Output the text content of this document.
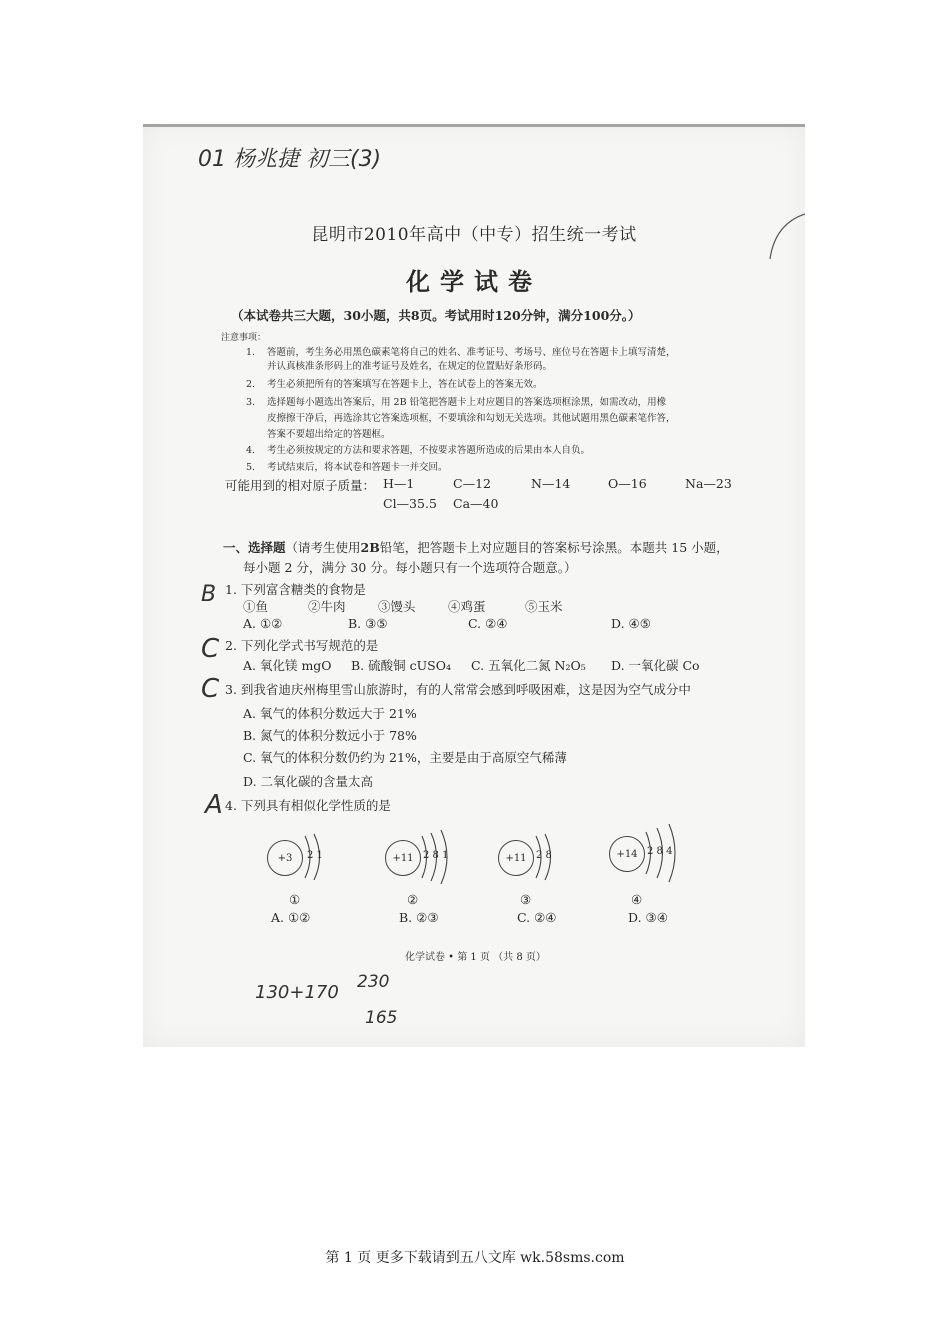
01 杨兆捷 初三(3)
昆明市2010年高中（中专）招生统一考试
化学试卷
（本试卷共三大题，30小题，共8页。考试用时120分钟，满分100分。）
注意事项：
1. 答题前，考生务必用黑色碳素笔将自己的姓名、准考证号、考场号、座位号在答题卡上填写清楚，
并认真核准条形码上的准考证号及姓名，在规定的位置贴好条形码。
2. 考生必须把所有的答案填写在答题卡上，答在试卷上的答案无效。
3. 选择题每小题选出答案后，用 2B 铅笔把答题卡上对应题目的答案选项框涂黑，如需改动，用橡
皮擦擦干净后，再选涂其它答案选项框，不要填涂和勾划无关选项。其他试题用黑色碳素笔作答，
答案不要超出给定的答题框。
4. 考生必须按规定的方法和要求答题，不按要求答题所造成的后果由本人自负。
5. 考试结束后，将本试卷和答题卡一并交回。
可能用到的相对原子质量： H—1	C—12	N—14	O—16	Na—23
Cl—35.5 Ca—40
一、选择题（请考生使用2B铅笔，把答题卡上对应题目的答案标号涂黑。本题共 15 小题，
每小题 2 分，满分 30 分。每小题只有一个选项符合题意。）
B 1. 下列富含糖类的食物是
①鱼	②牛肉	③馒头	④鸡蛋	⑤玉米
A. ①②	B. ③⑤	C. ②④	D. ④⑤
C 2. 下列化学式书写规范的是
A. 氧化镁 mgO B. 硫酸铜 cUSO₄ C. 五氧化二氮 N₂O₅ D. 一氧化碳 Co
C 3. 到我省迪庆州梅里雪山旅游时，有的人常常会感到呼吸困难，这是因为空气成分中
A. 氧气的体积分数远大于 21%
B. 氮气的体积分数远小于 78%
C. 氧气的体积分数仍约为 21%，主要是由于高原空气稀薄
D. 二氧化碳的含量太高
A 4. 下列具有相似化学性质的是
+3	2 1
①
+11 2 8 1
②
+11 2 8
③
+14 2 8 4
④
A. ①②	B. ②③	C. ②④	D. ③④
化学试卷 • 第 1 页 （共 8 页）
130+170 230
165
第 1 页 更多下载请到五八文库 wk.58sms.com
